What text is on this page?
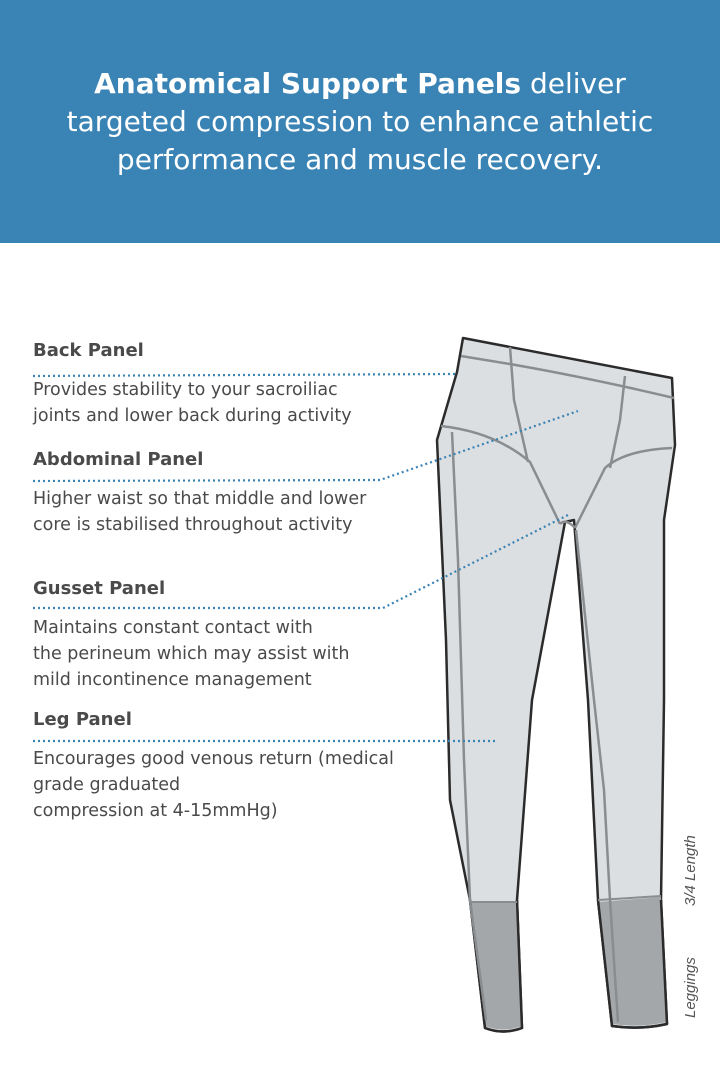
Anatomical Support Panels deliver targeted compression to enhance athletic performance and muscle recovery.

Back Panel

Provides stability to your sacroiliac
joints and lower back during activity

Abdominal Panel

Higher waist so that middle and lower
core is stabilised throughout activity

Gusset Panel

Maintains constant contact with
the perineum which may assist with
mild incontinence management

Leg Panel

Encourages good venous return (medical
grade graduated
compression at 4-15mmHg)

3/4 Length
Leggings
